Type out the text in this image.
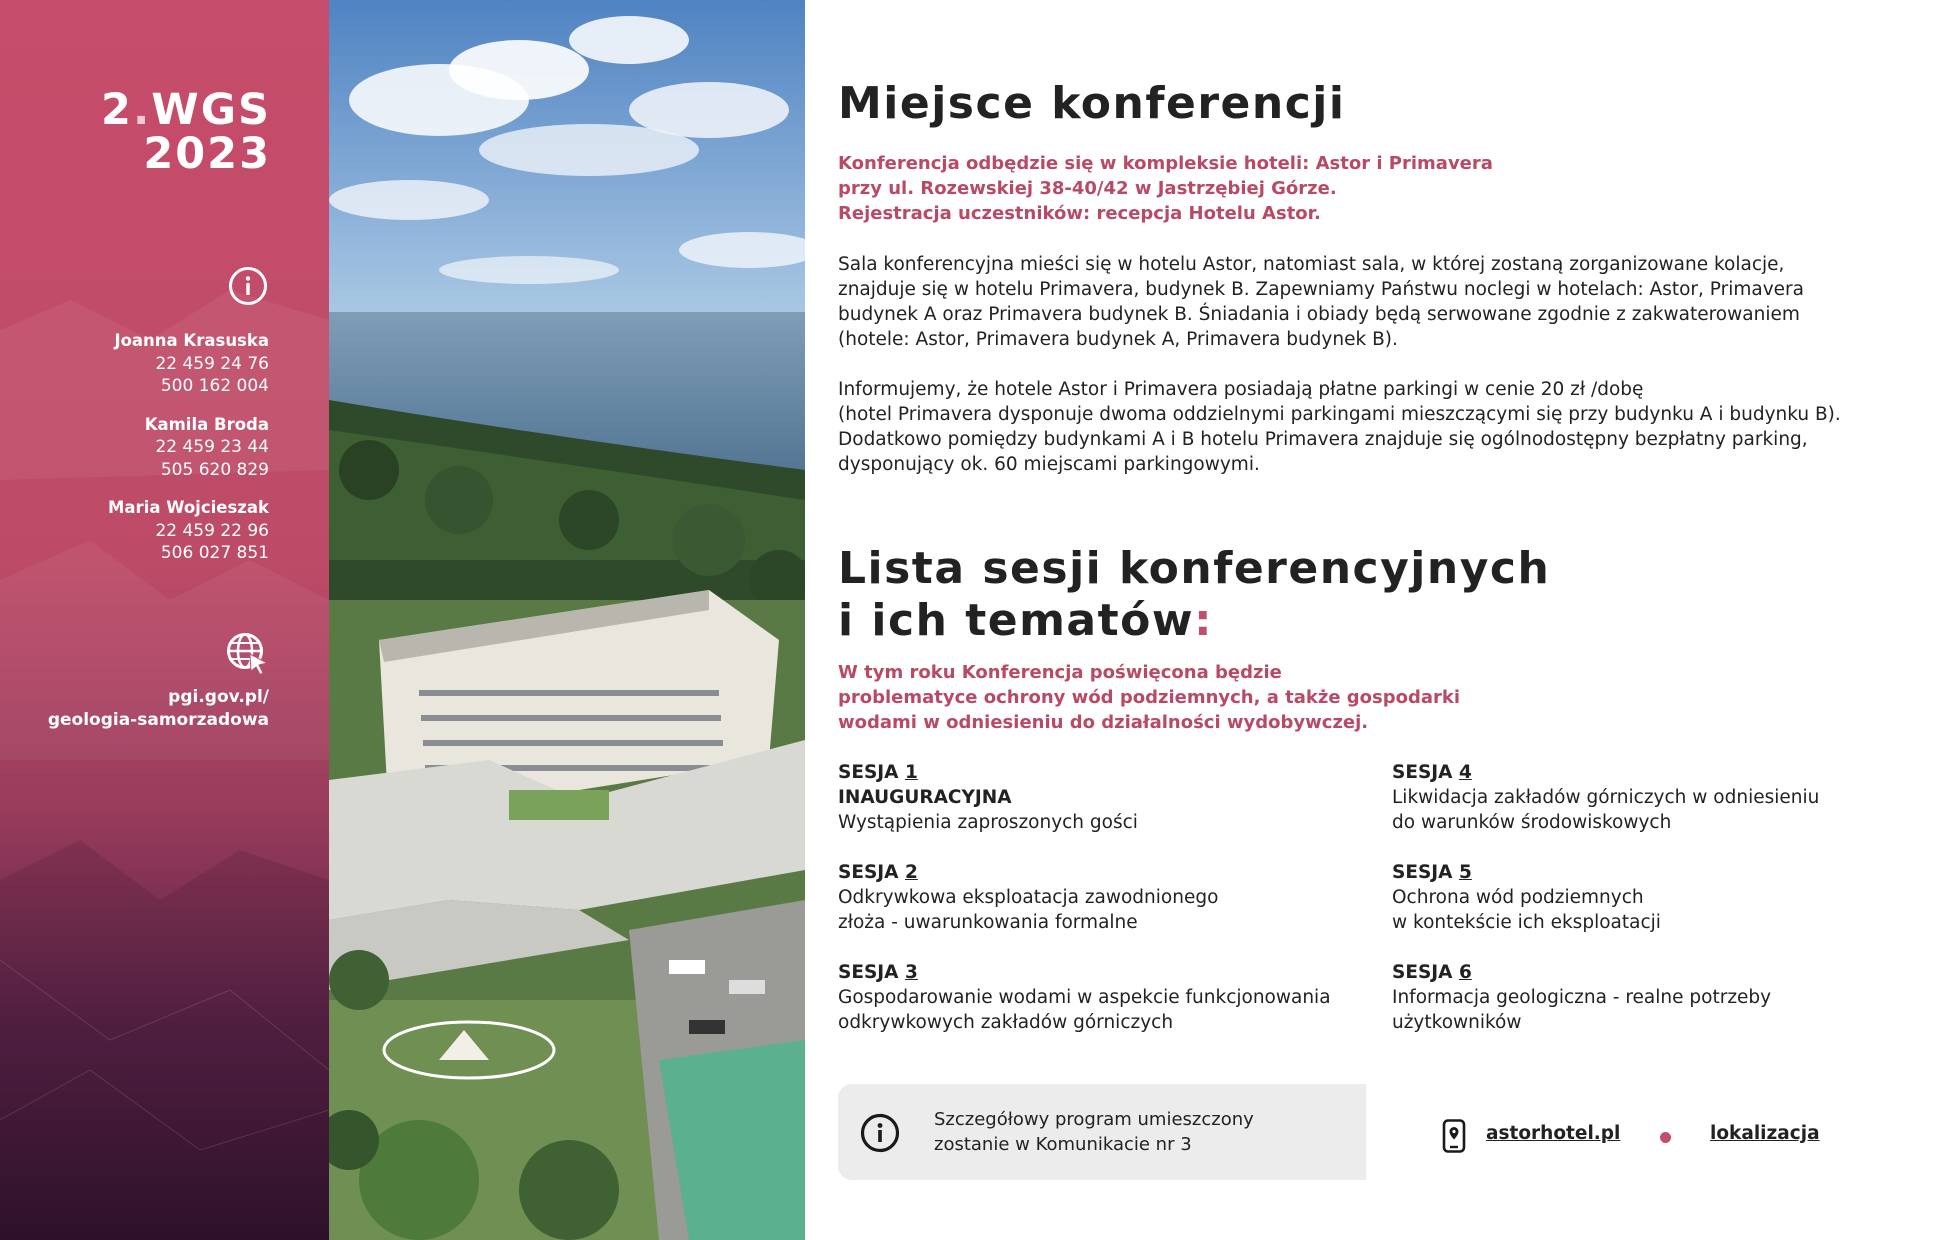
2.WGS
2023
Joanna Krasuska
22 459 24 76
500 162 004
Kamila Broda
22 459 23 44
505 620 829
Maria Wojcieszak
22 459 22 96
506 027 851
pgi.gov.pl/
geologia-samorzadowa
Miejsce konferencji
Konferencja odbędzie się w kompleksie hoteli: Astor i Primavera
przy ul. Rozewskiej 38-40/42 w Jastrzębiej Górze.
Rejestracja uczestników: recepcja Hotelu Astor.
Sala konferencyjna mieści się w hotelu Astor, natomiast sala, w której zostaną zorganizowane kolacje,
znajduje się w hotelu Primavera, budynek B. Zapewniamy Państwu noclegi w hotelach: Astor, Primavera
budynek A oraz Primavera budynek B. Śniadania i obiady będą serwowane zgodnie z zakwaterowaniem
(hotele: Astor, Primavera budynek A, Primavera budynek B).
Informujemy, że hotele Astor i Primavera posiadają płatne parkingi w cenie 20 zł /dobę
(hotel Primavera dysponuje dwoma oddzielnymi parkingami mieszczącymi się przy budynku A i budynku B).
Dodatkowo pomiędzy budynkami A i B hotelu Primavera znajduje się ogólnodostępny bezpłatny parking,
dysponujący ok. 60 miejscami parkingowymi.
Lista sesji konferencyjnych
i ich tematów:
W tym roku Konferencja poświęcona będzie
problematyce ochrony wód podziemnych, a także gospodarki
wodami w odniesieniu do działalności wydobywczej.
SESJA 1
INAUGURACYJNA
Wystąpienia zaproszonych gości
SESJA 2
Odkrywkowa eksploatacja zawodnionego
złoża - uwarunkowania formalne
SESJA 3
Gospodarowanie wodami w aspekcie funkcjonowania
odkrywkowych zakładów górniczych
SESJA 4
Likwidacja zakładów górniczych w odniesieniu
do warunków środowiskowych
SESJA 5
Ochrona wód podziemnych
w kontekście ich eksploatacji
SESJA 6
Informacja geologiczna - realne potrzeby
użytkowników
Szczegółowy program umieszczony
zostanie w Komunikacie nr 3
astorhotel.pl	lokalizacja
